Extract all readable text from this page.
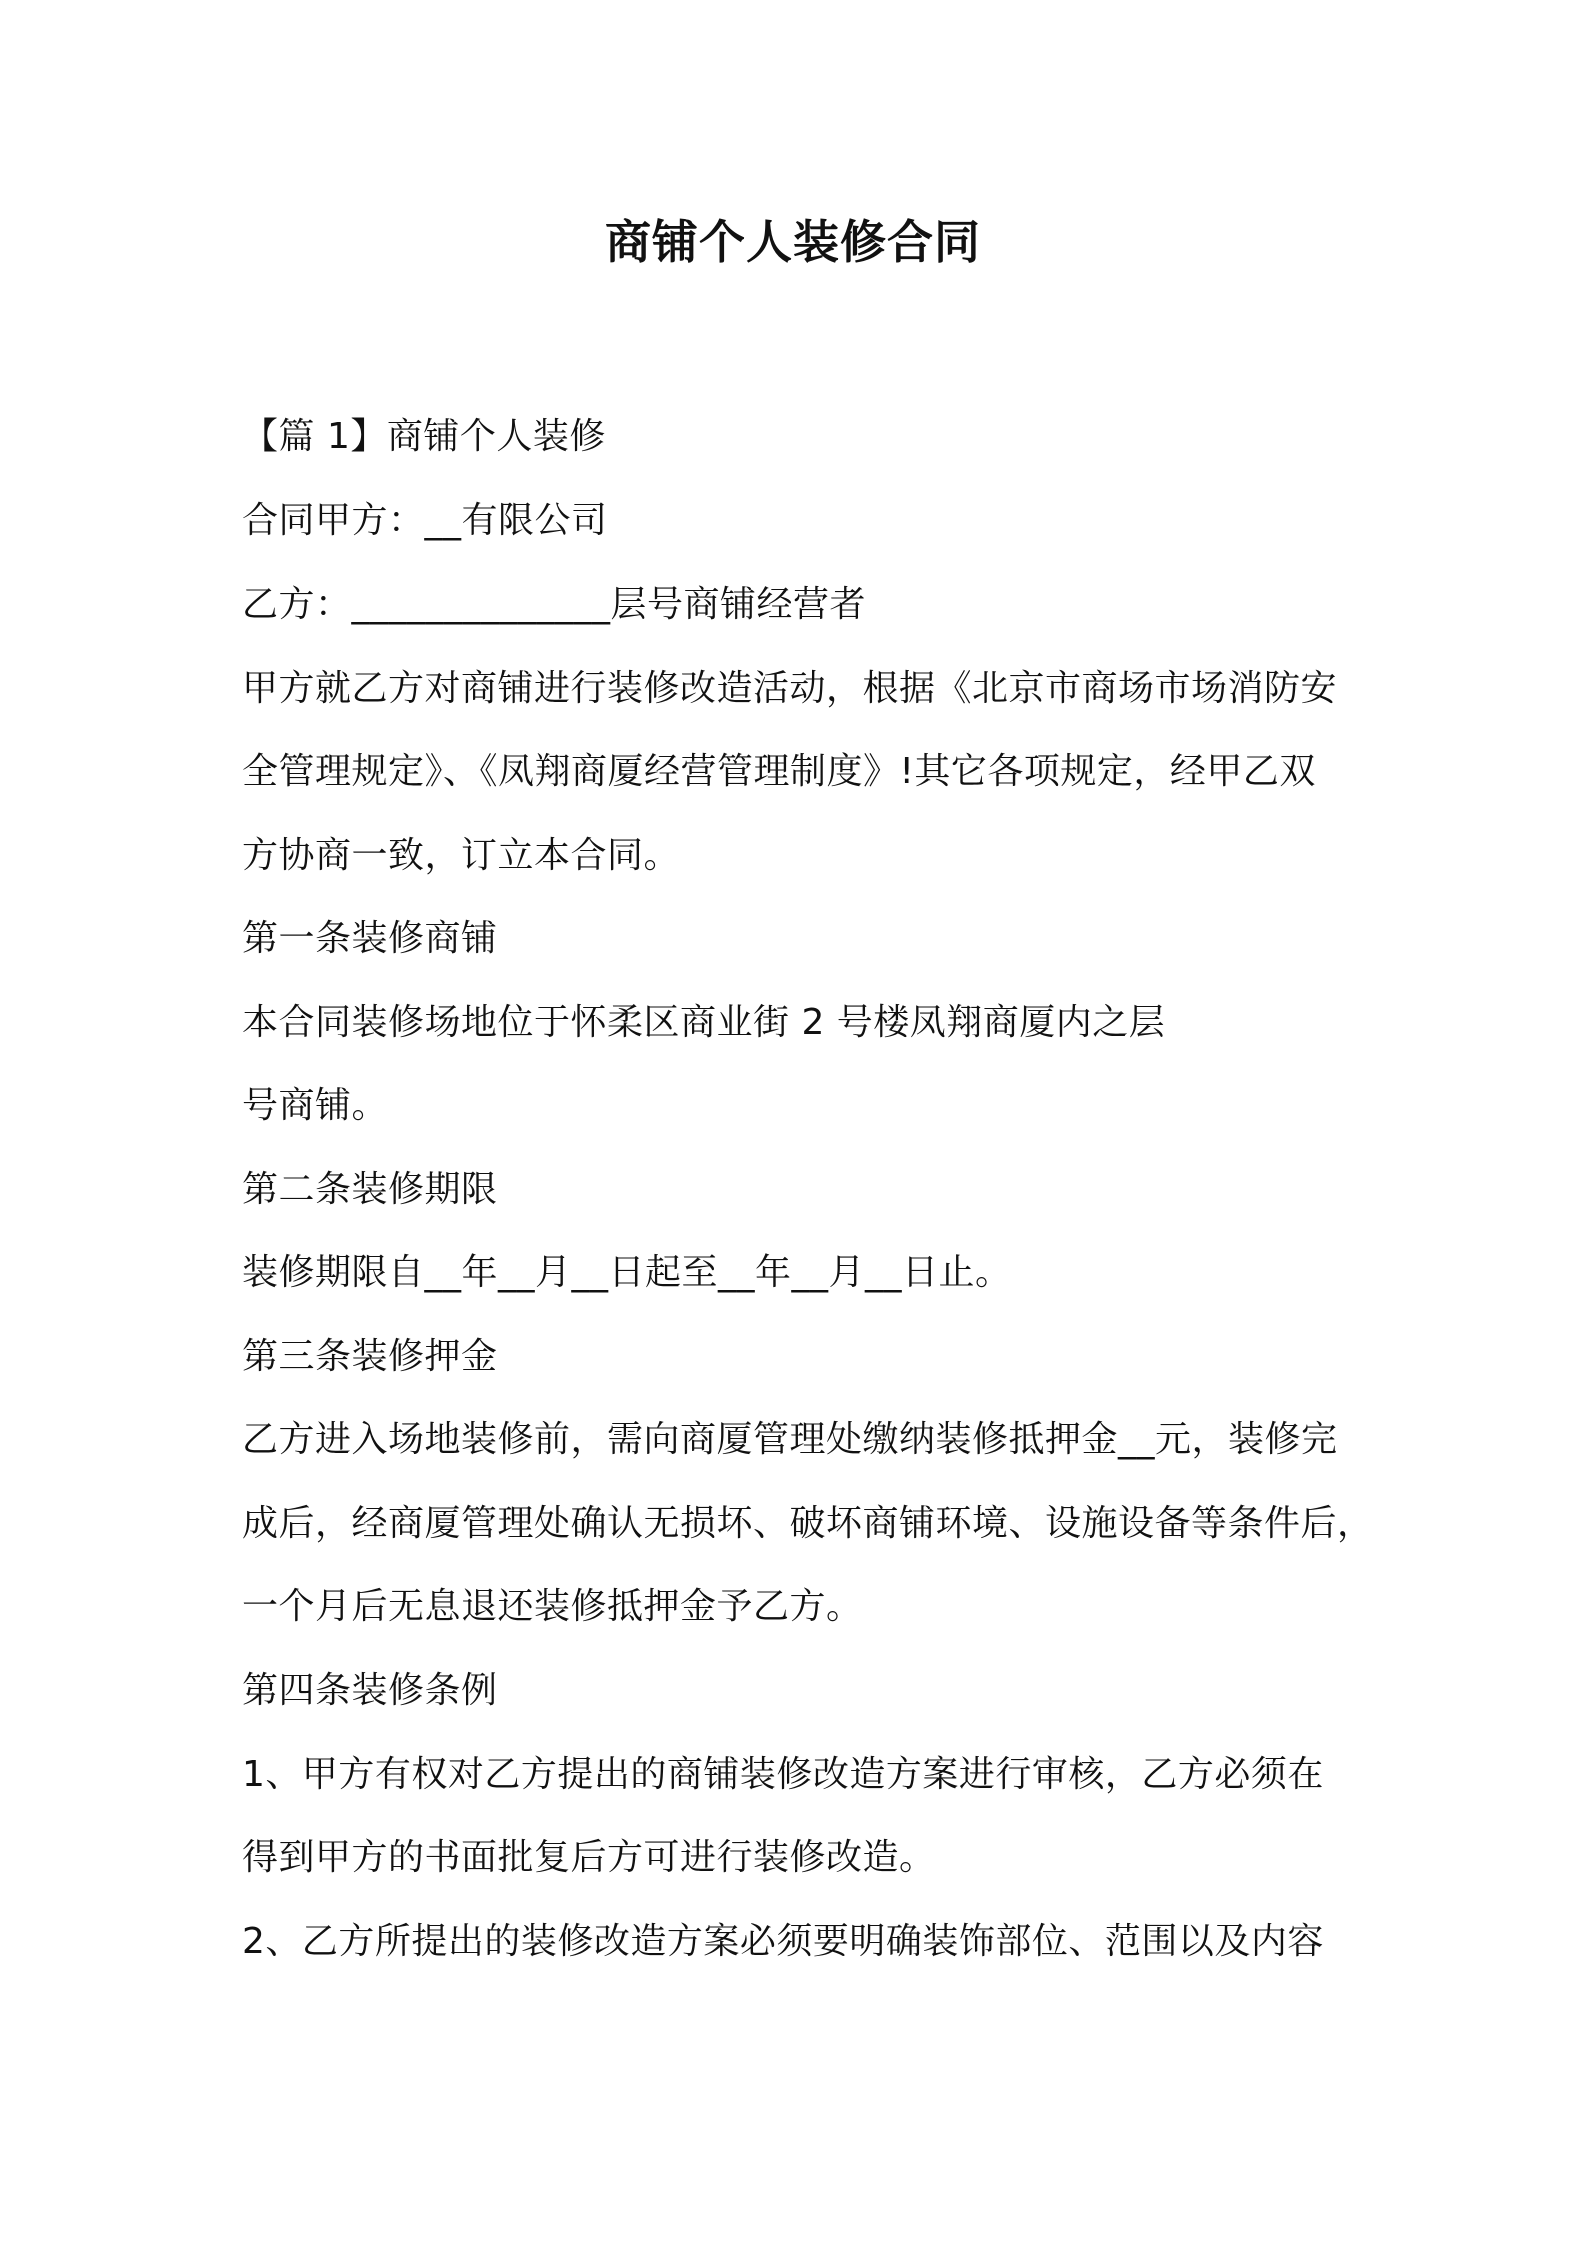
商铺个人装修合同
【篇 1】商铺个人装修
合同甲方：__有限公司
乙方：______________层号商铺经营者
甲方就乙方对商铺进行装修改造活动，根据《北京市商场市场消防安
全管理规定》、《凤翔商厦经营管理制度》!其它各项规定，经甲乙双
方协商一致，订立本合同。
第一条装修商铺
本合同装修场地位于怀柔区商业街 2 号楼凤翔商厦内之层
号商铺。
第二条装修期限
装修期限自__年__月__日起至__年__月__日止。
第三条装修押金
乙方进入场地装修前，需向商厦管理处缴纳装修抵押金__元，装修完
成后，经商厦管理处确认无损坏、破坏商铺环境、设施设备等条件后，
一个月后无息退还装修抵押金予乙方。
第四条装修条例
1、甲方有权对乙方提出的商铺装修改造方案进行审核，乙方必须在
得到甲方的书面批复后方可进行装修改造。
2、乙方所提出的装修改造方案必须要明确装饰部位、范围以及内容
